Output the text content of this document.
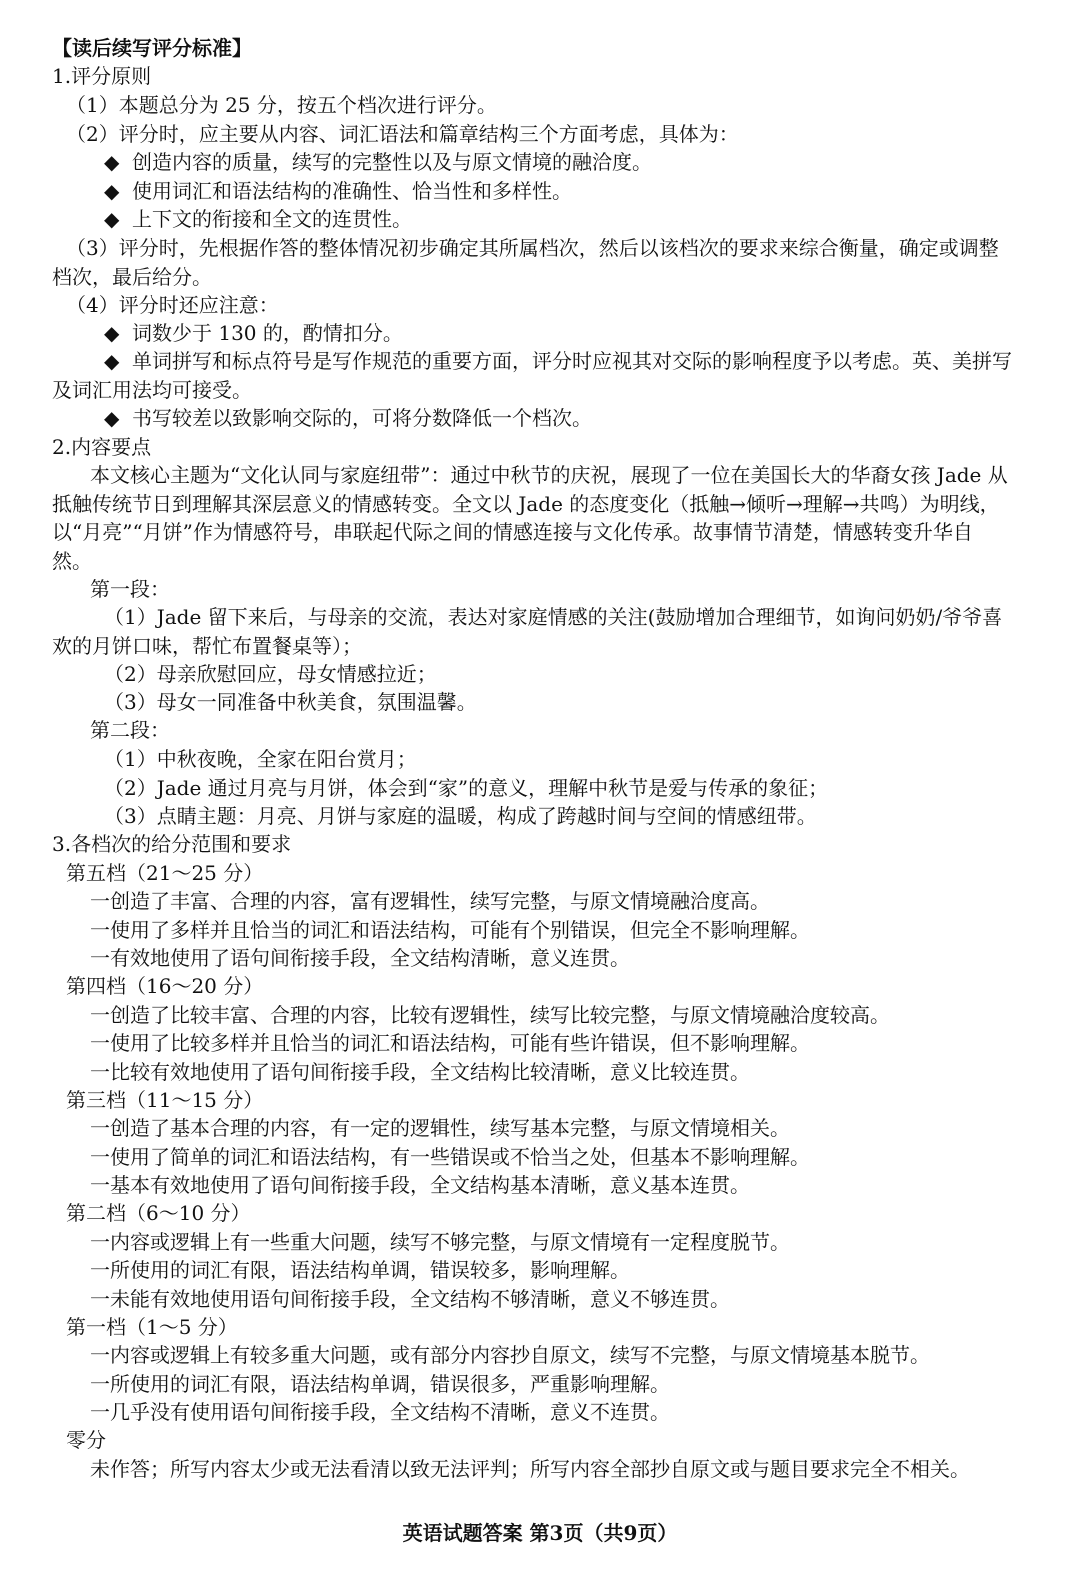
【读后续写评分标准】
1.评分原则
（1）本题总分为 25 分，按五个档次进行评分。
（2）评分时，应主要从内容、词汇语法和篇章结构三个方面考虑，具体为：
◆ 创造内容的质量，续写的完整性以及与原文情境的融洽度。
◆ 使用词汇和语法结构的准确性、恰当性和多样性。
◆ 上下文的衔接和全文的连贯性。
（3）评分时，先根据作答的整体情况初步确定其所属档次，然后以该档次的要求来综合衡量，确定或调整档次，最后给分。
（4）评分时还应注意：
◆ 词数少于 130 的，酌情扣分。
◆ 单词拼写和标点符号是写作规范的重要方面，评分时应视其对交际的影响程度予以考虑。英、美拼写及词汇用法均可接受。
◆ 书写较差以致影响交际的，可将分数降低一个档次。
2.内容要点
本文核心主题为“文化认同与家庭纽带”：通过中秋节的庆祝，展现了一位在美国长大的华裔女孩 Jade 从抵触传统节日到理解其深层意义的情感转变。全文以 Jade 的态度变化（抵触→倾听→理解→共鸣）为明线，以“月亮”“月饼”作为情感符号，串联起代际之间的情感连接与文化传承。故事情节清楚，情感转变升华自然。
第一段：
（1）Jade 留下来后，与母亲的交流，表达对家庭情感的关注(鼓励增加合理细节，如询问奶奶/爷爷喜欢的月饼口味，帮忙布置餐桌等）；
（2）母亲欣慰回应，母女情感拉近；
（3）母女一同准备中秋美食，氛围温馨。
第二段：
（1）中秋夜晚，全家在阳台赏月；
（2）Jade 通过月亮与月饼，体会到“家”的意义，理解中秋节是爱与传承的象征；
（3）点睛主题：月亮、月饼与家庭的温暖，构成了跨越时间与空间的情感纽带。
3.各档次的给分范围和要求
第五档（21～25 分）
一创造了丰富、合理的内容，富有逻辑性，续写完整，与原文情境融洽度高。
一使用了多样并且恰当的词汇和语法结构，可能有个别错误，但完全不影响理解。
一有效地使用了语句间衔接手段，全文结构清晰，意义连贯。
第四档（16～20 分）
一创造了比较丰富、合理的内容，比较有逻辑性，续写比较完整，与原文情境融洽度较高。
一使用了比较多样并且恰当的词汇和语法结构，可能有些许错误，但不影响理解。
一比较有效地使用了语句间衔接手段，全文结构比较清晰，意义比较连贯。
第三档（11～15 分）
一创造了基本合理的内容，有一定的逻辑性，续写基本完整，与原文情境相关。
一使用了简单的词汇和语法结构，有一些错误或不恰当之处，但基本不影响理解。
一基本有效地使用了语句间衔接手段，全文结构基本清晰，意义基本连贯。
第二档（6～10 分）
一内容或逻辑上有一些重大问题，续写不够完整，与原文情境有一定程度脱节。
一所使用的词汇有限，语法结构单调，错误较多，影响理解。
一未能有效地使用语句间衔接手段，全文结构不够清晰，意义不够连贯。
第一档（1～5 分）
一内容或逻辑上有较多重大问题，或有部分内容抄自原文，续写不完整，与原文情境基本脱节。
一所使用的词汇有限，语法结构单调，错误很多，严重影响理解。
一几乎没有使用语句间衔接手段，全文结构不清晰，意义不连贯。
零分
未作答；所写内容太少或无法看清以致无法评判；所写内容全部抄自原文或与题目要求完全不相关。
英语试题答案 第3页（共9页）
